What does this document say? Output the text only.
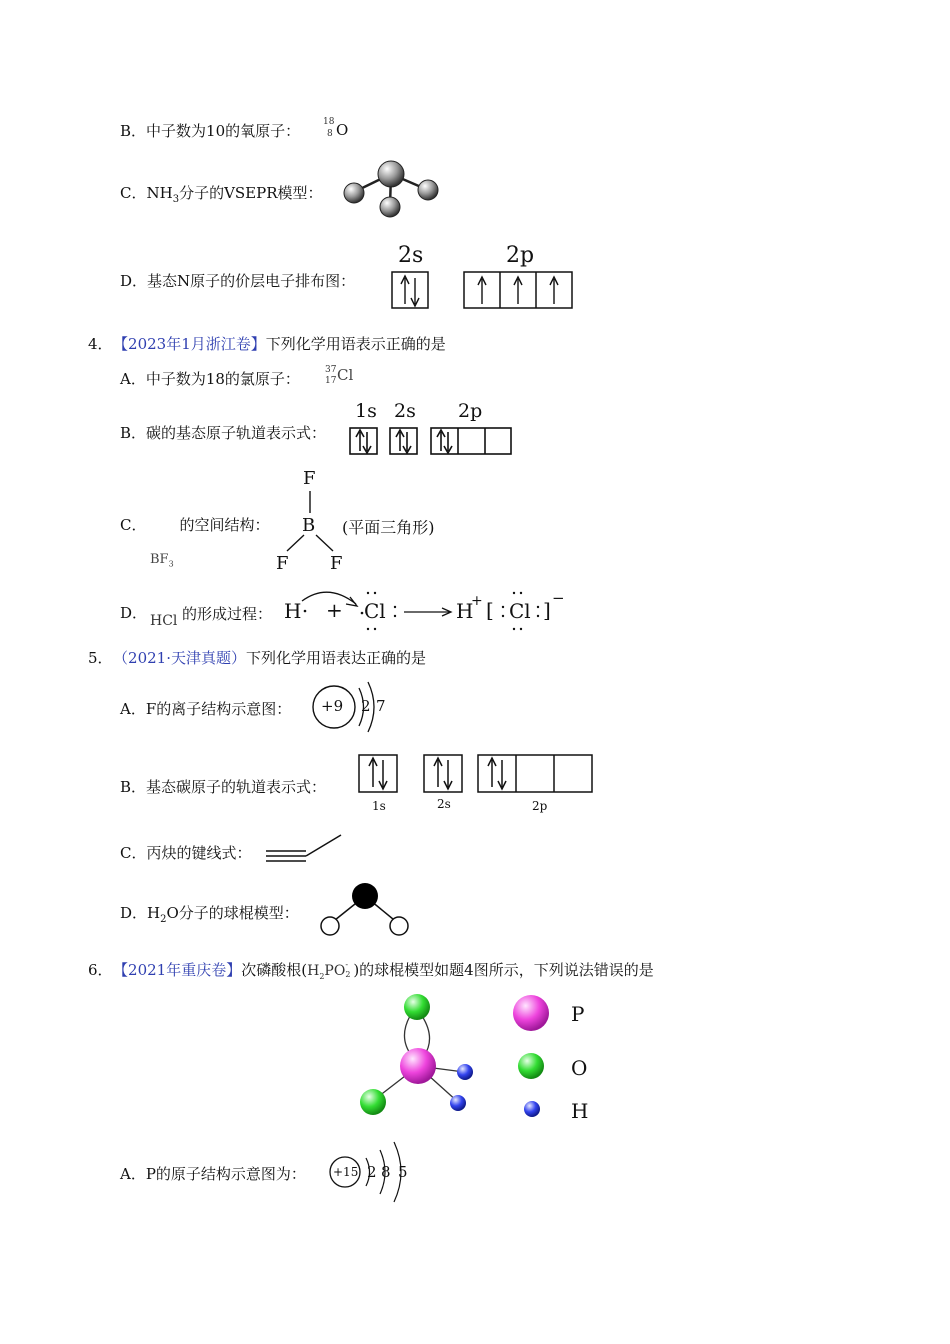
B．中子数为10的氧原子：	18
8 O
C．$NH_3$分子的VSEPR模型：
D．基态N原子的价层电子排布图：
2s	2p
4． 【2023年1月浙江卷】下列化学用语表示正确的是
A．中子数为18的氯原子：	37
17 Cl
B．碳的基态原子轨道表示式：
1s 2s 2p
C． 的空间结构：
$BF_3$
F
B
F F
(平面三角形)
D． HCl 的形成过程： H + Cl	H
+ [ Cl ] −
5． （2021·天津真题）下列化学用语表达正确的是
A．F的离子结构示意图： +9 2 7
B．基态碳原子的轨道表示式：
1s	2s	2p
C．丙炔的键线式：
D．$H_2O$分子的球棍模型：
6． 【2021年重庆卷】次磷酸根($H_2PO$ -
2 )的球棍模型如题4图所示，下列说法错误的是
P
O
H
A．P的原子结构示意图为： +15 2 8 5
